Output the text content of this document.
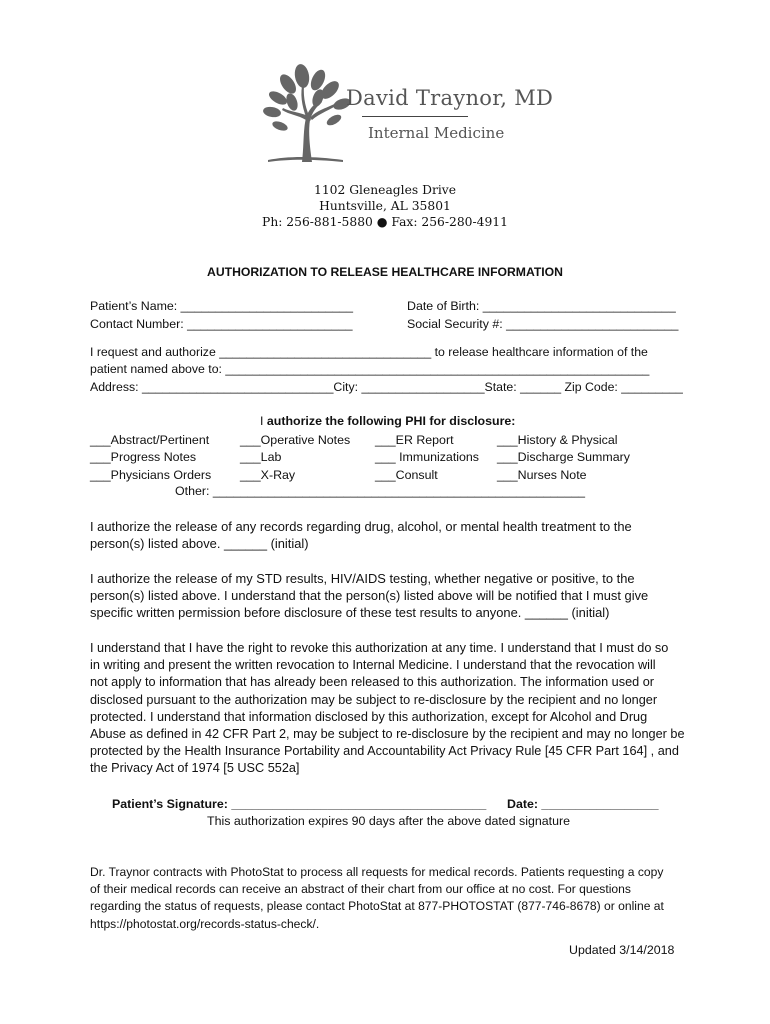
David Traynor, MD
Internal Medicine
1102 Gleneagles Drive
Huntsville, AL 35801
Ph: 256-881-5880 ● Fax: 256-280-4911
AUTHORIZATION TO RELEASE HEALTHCARE INFORMATION
Patient’s Name: _________________________	Date of Birth: ____________________________
Contact Number: ________________________	Social Security #: _________________________
I request and authorize _______________________________ to release healthcare information of the
patient named above to: ______________________________________________________________
Address: ____________________________City: __________________State: ______ Zip Code: _________
I authorize the following PHI for disclosure:
___Abstract/Pertinent
___Progress Notes
___Physicians Orders
___Operative Notes
___Lab
___X-Ray
___ER Report
___ Immunizations
___Consult
___History & Physical
___Discharge Summary
___Nurses Note
Other: ______________________________________________________
I authorize the release of any records regarding drug, alcohol, or mental health treatment to the
person(s) listed above. ______ (initial)
I authorize the release of my STD results, HIV/AIDS testing, whether negative or positive, to the
person(s) listed above. I understand that the person(s) listed above will be notified that I must give
specific written permission before disclosure of these test results to anyone. ______ (initial)
I understand that I have the right to revoke this authorization at any time. I understand that I must do so
in writing and present the written revocation to Internal Medicine. I understand that the revocation will
not apply to information that has already been released to this authorization. The information used or
disclosed pursuant to the authorization may be subject to re-disclosure by the recipient and no longer
protected. I understand that information disclosed by this authorization, except for Alcohol and Drug
Abuse as defined in 42 CFR Part 2, may be subject to re-disclosure by the recipient and may no longer be
protected by the Health Insurance Portability and Accountability Act Privacy Rule [45 CFR Part 164] , and
the Privacy Act of 1974 [5 USC 552a]
Patient’s Signature: _____________________________________ Date: _________________
This authorization expires 90 days after the above dated signature
Dr. Traynor contracts with PhotoStat to process all requests for medical records. Patients requesting a copy
of their medical records can receive an abstract of their chart from our office at no cost. For questions
regarding the status of requests, please contact PhotoStat at 877-PHOTOSTAT (877-746-8678) or online at
https://photostat.org/records-status-check/.
Updated 3/14/2018
